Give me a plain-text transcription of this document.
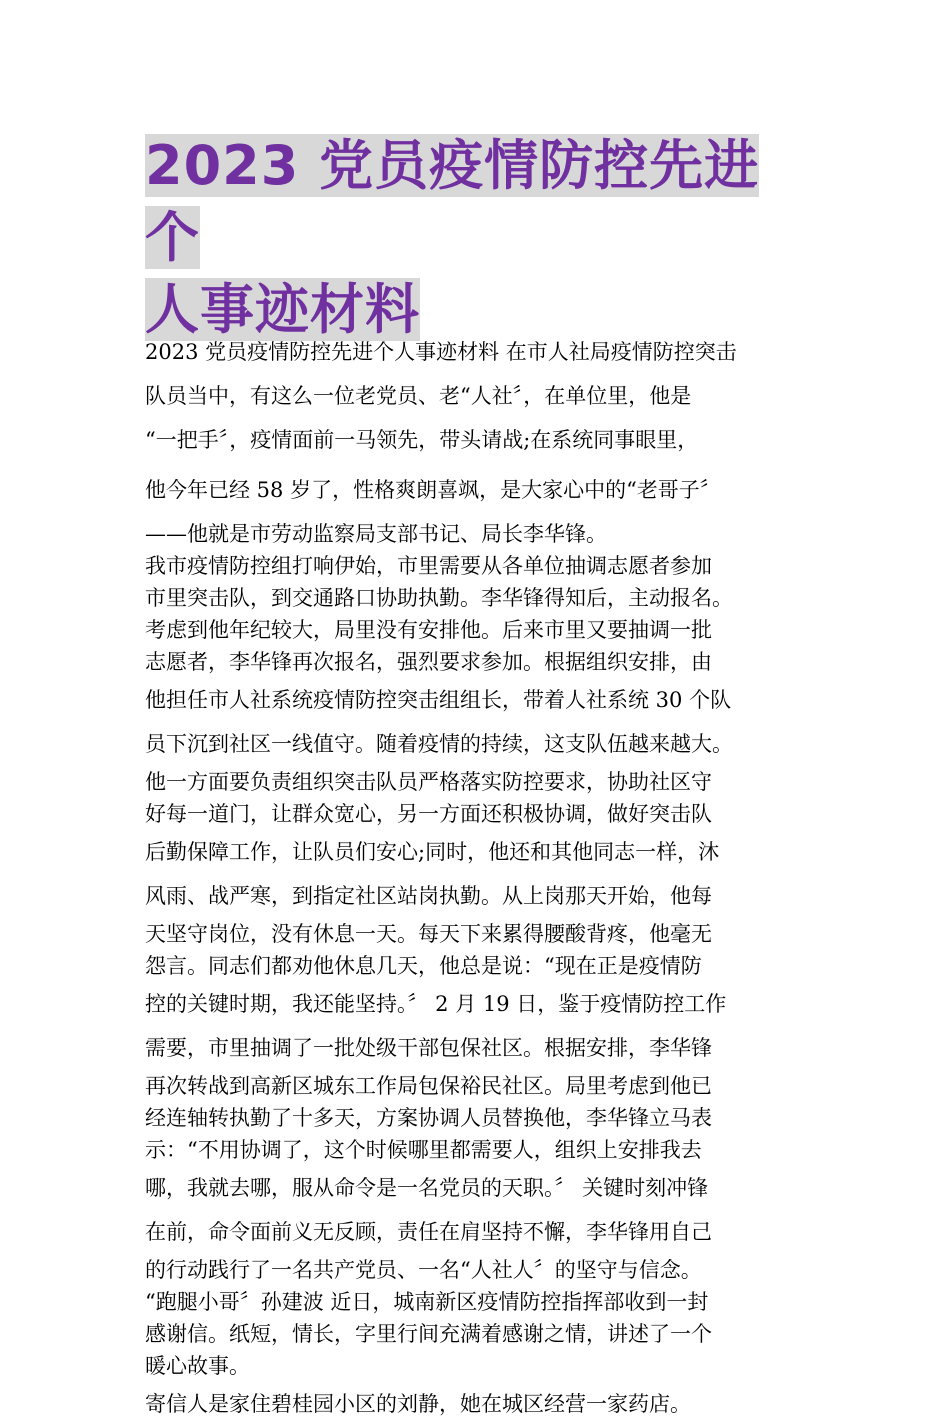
2023 党员疫情防控先进个
人事迹材料
2023 党员疫情防控先进个人事迹材料 在市人社局疫情防控突击
队员当中，有这么一位老党员、老“人社〞，在单位里，他是
“一把手〞，疫情面前一马领先，带头请战;在系统同事眼里，
他今年已经 58 岁了，性格爽朗喜飒，是大家心中的“老哥子〞
——他就是市劳动监察局支部书记、局长李华锋。
我市疫情防控组打响伊始，市里需要从各单位抽调志愿者参加
市里突击队，到交通路口协助执勤。李华锋得知后，主动报名。
考虑到他年纪较大，局里没有安排他。后来市里又要抽调一批
志愿者，李华锋再次报名，强烈要求参加。根据组织安排，由
他担任市人社系统疫情防控突击组组长，带着人社系统 30 个队
员下沉到社区一线值守。随着疫情的持续，这支队伍越来越大。
他一方面要负责组织突击队员严格落实防控要求，协助社区守
好每一道门，让群众宽心，另一方面还积极协调，做好突击队
后勤保障工作，让队员们安心;同时，他还和其他同志一样，沐
风雨、战严寒，到指定社区站岗执勤。从上岗那天开始，他每
天坚守岗位，没有休息一天。每天下来累得腰酸背疼，他毫无
怨言。同志们都劝他休息几天，他总是说：“现在正是疫情防
控的关键时期，我还能坚持。〞 2 月 19 日，鉴于疫情防控工作
需要，市里抽调了一批处级干部包保社区。根据安排，李华锋
再次转战到高新区城东工作局包保裕民社区。局里考虑到他已
经连轴转执勤了十多天，方案协调人员替换他，李华锋立马表
示：“不用协调了，这个时候哪里都需要人，组织上安排我去
哪，我就去哪，服从命令是一名党员的天职。〞 关键时刻冲锋
在前，命令面前义无反顾，责任在肩坚持不懈，李华锋用自己
的行动践行了一名共产党员、一名“人社人〞的坚守与信念。
“跑腿小哥〞孙建波 近日，城南新区疫情防控指挥部收到一封
感谢信。纸短，情长，字里行间充满着感谢之情，讲述了一个
暖心故事。
寄信人是家住碧桂园小区的刘静，她在城区经营一家药店。
